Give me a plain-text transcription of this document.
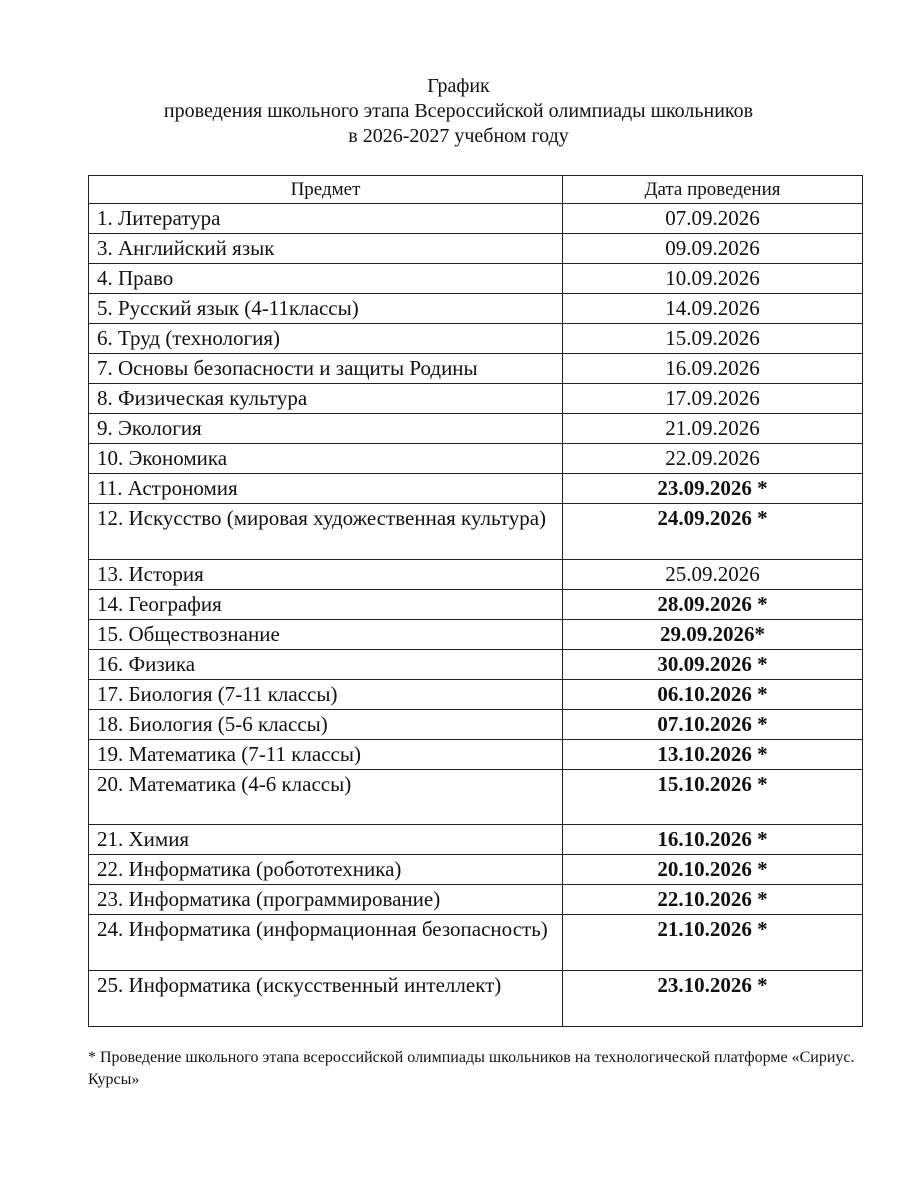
График
проведения школьного этапа Всероссийской олимпиады школьников
в 2026-2027 учебном году
Предмет	Дата проведения
1. Литература	07.09.2026
3. Английский язык	09.09.2026
4. Право	10.09.2026
5. Русский язык (4-11классы)	14.09.2026
6. Труд (технология)	15.09.2026
7. Основы безопасности и защиты Родины	16.09.2026
8. Физическая культура	17.09.2026
9. Экология	21.09.2026
10. Экономика	22.09.2026
11. Астрономия	23.09.2026 *
12. Искусство (мировая художественная культура)	24.09.2026 *
13. История	25.09.2026
14. География	28.09.2026 *
15. Обществознание	29.09.2026*
16. Физика	30.09.2026 *
17. Биология (7-11 классы)	06.10.2026 *
18. Биология (5-6 классы)	07.10.2026 *
19. Математика (7-11 классы)	13.10.2026 *
20. Математика (4-6 классы)	15.10.2026 *
21. Химия	16.10.2026 *
22. Информатика (робототехника)	20.10.2026 *
23. Информатика (программирование)	22.10.2026 *
24. Информатика (информационная безопасность)	21.10.2026 *
25. Информатика (искусственный интеллект)	23.10.2026 *
* Проведение школьного этапа всероссийской олимпиады школьников на технологической платформе «Сириус. Курсы»
